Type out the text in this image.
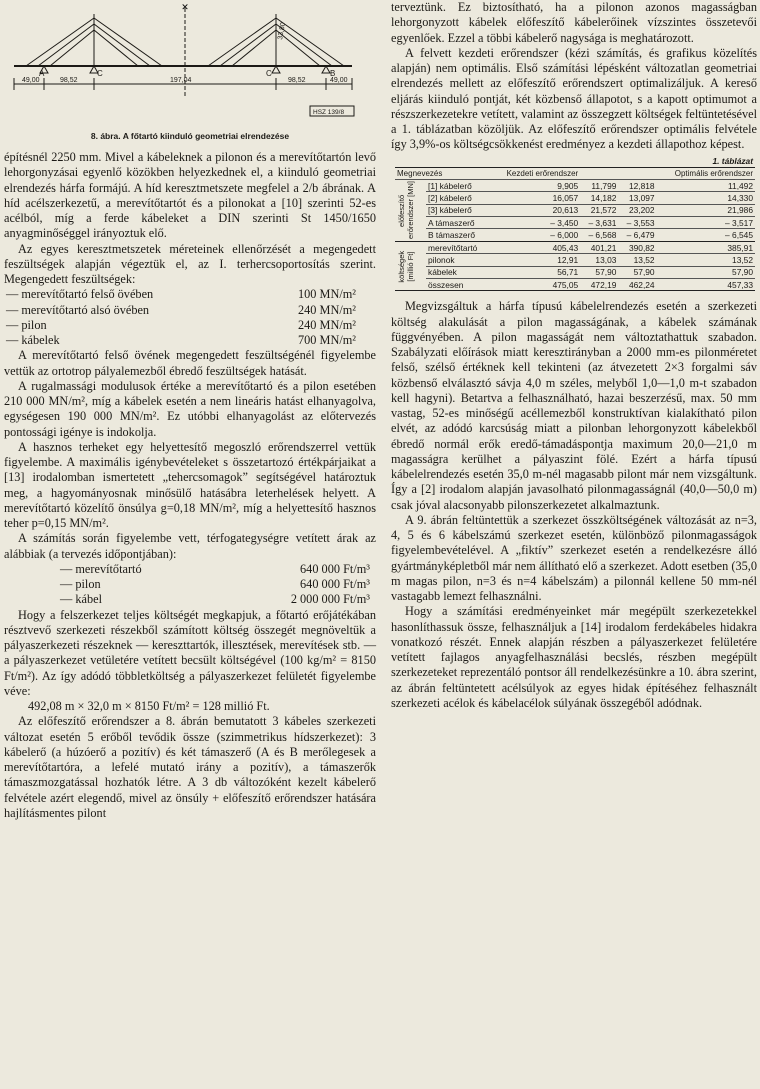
✕
49,00	98,52	197,04	98,52	49,00
A	C	C	B
33,80
HSZ 139/8
8. ábra. A főtartó kiinduló geometriai elrendezése

építésnél 2250 mm. Mivel a kábeleknek a pilonon és a merevítőtartón levő lehorgonyzásai egyenlő közökben helyezkednek el, a kiinduló geometriai elrendezés hárfa formájú. A híd keresztmetszete megfelel a 2/b ábrának. A híd acélszerkezetű, a merevítőtartót és a pilonokat a [10] szerinti 52-es acélból, míg a ferde kábeleket a DIN szerinti St 1450/1650 anyagminőséggel irányoztuk elő.

Az egyes keresztmetszetek méreteinek ellenőrzését a megengedett feszültségek alapján végeztük el, az I. terhercsoportosítás szerint. Megengedett feszültségek:

— merevítőtartó felső övében	100 MN/m²
— merevítőtartó alsó övében	240 MN/m²
— pilon	240 MN/m²
— kábelek	700 MN/m²

A merevítőtartó felső övének megengedett feszültségénél figyelembe vettük az ortotrop pályalemezből ébredő feszültségek hatását.

A rugalmassági modulusok értéke a merevítőtartó és a pilon esetében 210 000 MN/m², míg a kábelek esetén a nem lineáris hatást elhanyagolva, egységesen 190 000 MN/m². Ez utóbbi elhanyagolást az előtervezés pontossági igénye is indokolja.

A hasznos terheket egy helyettesítő megoszló erőrendszerrel vettük figyelembe. A maximális igénybevételeket s összetartozó értékpárjaikat a [13] irodalomban ismertetett „tehercsomagok” segítségével határoztuk meg, a hagyományosnak minősülő hatásábra leterhelések helyett. A merevítőtartó közelítő önsúlya g=0,18 MN/m², míg a helyettesítő hasznos teher p=0,15 MN/m².

A számítás során figyelembe vett, térfogategységre vetített árak az alábbiak (a tervezés időpontjában):

— merevítőtartó	640 000 Ft/m³
— pilon	640 000 Ft/m³
— kábel	2 000 000 Ft/m³

Hogy a felszerkezet teljes költségét megkapjuk, a főtartó erőjátékában résztvevő szerkezeti részekből számított költség összegét megnöveltük a pályaszerkezeti részeknek — kereszttartók, illesztések, merevítések stb. — a pályaszerkezet vetületére vetített becsült költségével (100 kg/m² = 8150 Ft/m²). Az így adódó többletköltség a pályaszerkezet felületét figyelembe véve:

492,08 m × 32,0 m × 8150 Ft/m² = 128 millió Ft.

Az előfeszítő erőrendszer a 8. ábrán bemutatott 3 kábeles szerkezeti változat esetén 5 erőből tevődik össze (szimmetrikus hídszerkezet): 3 kábelerő (a húzóerő a pozitív) és két támaszerő (A és B merőlegesek a merevítőtartóra, a lefelé mutató irány a pozitív), a támaszerők támaszmozgatással hozhatók létre. A 3 db változóként kezelt kábelerő felvétele azért elegendő, mivel az önsúly + előfeszítő erőrendszer hatására hajlításmentes pilont

terveztünk. Ez biztosítható, ha a pilonon azonos magasságban lehorgonyzott kábelek előfeszítő kábelerőinek vízszintes összetevői egyenlőek. Ezzel a többi kábelerő nagysága is meghatározott.

A felvett kezdeti erőrendszer (kézi számítás, és grafikus közelítés alapján) nem optimális. Első számítási lépésként változatlan geometriai elrendezés mellett az előfeszítő erőrendszert optimalizáljuk. A kereső eljárás kiinduló pontját, két közbenső állapotot, s a kapott optimumot a részszerkezetekre vetített, valamint az összegzett költségek feltüntetésével a 1. táblázatban közöljük. Az előfeszítő erőrendszer optimális felvétele így 3,9%-os költségcsökkenést eredményez a kezdeti állapothoz képest.

1. táblázat
Megnevezés		Kezdeti erőrendszer			Optimális erőrendszer

előfeszítő erőrendszer [MN]	[1] kábelerő	9,905	11,799	12,818	11,492
	[2] kábelerő	16,057	14,182	13,097	14,330
	[3] kábelerő	20,613	21,572	23,202	21,986
	A támaszerő	– 3,450	– 3,631	– 3,553	– 3,517
	B támaszerő	– 6,000	– 6,568	– 6,479	– 6,545

költségek [millió Ft]	merevítőtartó	405,43	401,21	390,82	385,91
	pilonok	12,91	13,03	13,52	13,52
	kábelek	56,71	57,90	57,90	57,90
	összesen	475,05	472,19	462,24	457,33

Megvizsgáltuk a hárfa típusú kábelelrendezés esetén a szerkezeti költség alakulását a pilon magasságának, a kábelek számának függvényében. A pilon magasságát nem változtathattuk szabadon. Szabályzati előírások miatt keresztirányban a 2000 mm-es pilonméretet felső, szélső értéknek kell tekinteni (az átvezetett 2×3 forgalmi sáv közbenső elválasztó sávja 4,0 m széles, melyből 1,0—1,0 m-t szabadon kell hagyni). Betartva a felhasználható, hazai beszerzésű, max. 50 mm vastag, 52-es minőségű acéllemezből konstruktívan kialakítható pilon elvét, az adódó karcsúság miatt a pilonban lehorgonyzott kábelekből ébredő normál erők eredő-támadáspontja maximum 20,0—21,0 m magasságra kerülhet a pályaszint fölé. Ezért a hárfa típusú kábelelrendezés esetén 35,0 m-nél magasabb pilont már nem vizsgáltunk. Így a [2] irodalom alapján javasolható pilonmagasságnál (40,0—50,0 m) csak jóval alacsonyabb pilonszerkezetet alkalmaztunk.

A 9. ábrán feltüntettük a szerkezet összköltségének változását az n=3, 4, 5 és 6 kábelszámú szerkezet esetén, különböző pilonmagasságok figyelembevételével. A „fiktív” szerkezet esetén a rendelkezésre álló gyártmányképletből már nem állítható elő a szerkezet. Adott esetben (35,0 m magas pilon, n=3 és n=4 kábelszám) a pilonnál kellene 50 mm-nél vastagabb lemezt felhasználni.

Hogy a számítási eredményeinket már megépült szerkezetekkel hasonlíthassuk össze, felhasználjuk a [14] irodalom ferdekábeles hidakra vonatkozó részét. Ennek alapján részben a pályaszerkezet felületére vetített fajlagos anyagfelhasználási becslés, részben megépült szerkezeteket reprezentáló pontsor áll rendelkezésünkre a 10. ábra szerint, az ábrán feltüntetett acélsúlyok az egyes hidak építéséhez felhasznált szerkezeti acélok és kábelacélok súlyának összegéből adódnak.
